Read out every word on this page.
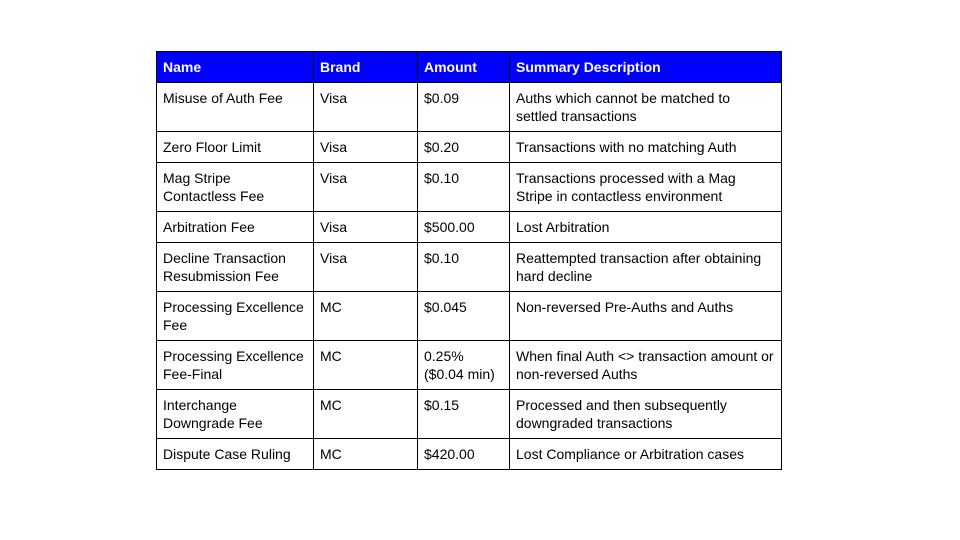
Name	Brand	Amount	Summary Description
Misuse of Auth Fee	Visa	$0.09	Auths which cannot be matched to settled transactions
Zero Floor Limit	Visa	$0.20	Transactions with no matching Auth
Mag Stripe Contactless Fee	Visa	$0.10	Transactions processed with a Mag Stripe in contactless environment
Arbitration Fee	Visa	$500.00	Lost Arbitration
Decline Transaction Resubmission Fee	Visa	$0.10	Reattempted transaction after obtaining hard decline
Processing Excellence Fee	MC	$0.045	Non-reversed Pre-Auths and Auths
Processing Excellence Fee-Final	MC	0.25% ($0.04 min)	When final Auth <> transaction amount or non-reversed Auths
Interchange Downgrade Fee	MC	$0.15	Processed and then subsequently downgraded transactions
Dispute Case Ruling	MC	$420.00	Lost Compliance or Arbitration cases
